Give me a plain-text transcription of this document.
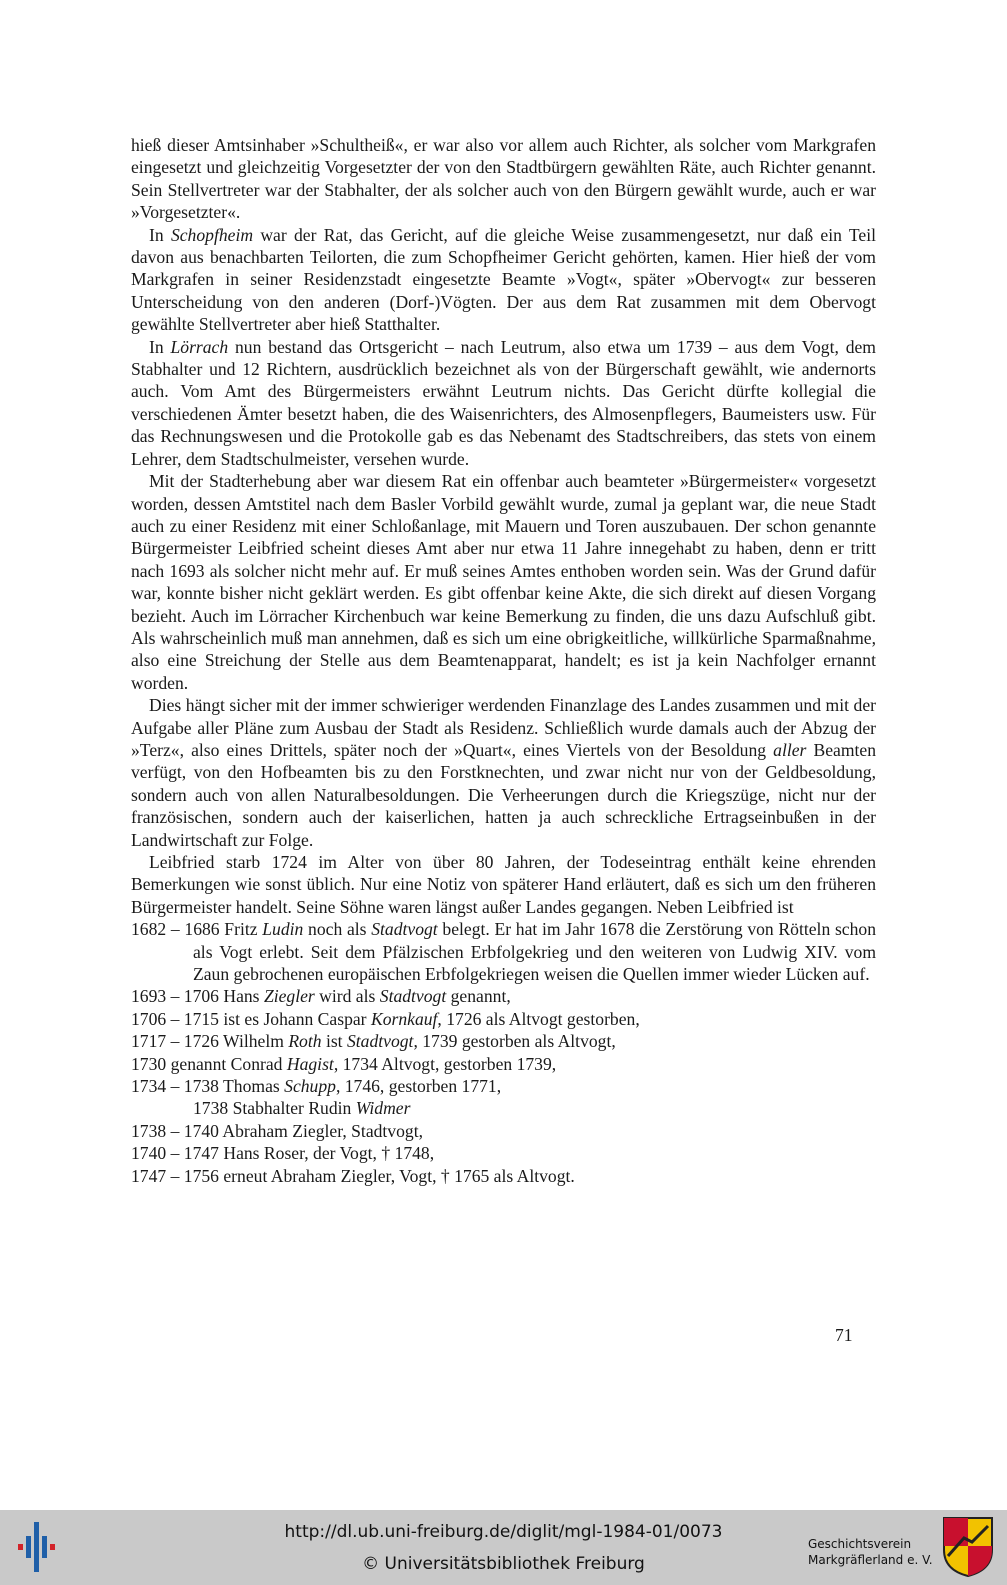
hieß dieser Amtsinhaber »Schultheiß«, er war also vor allem auch Richter, als solcher vom Markgrafen eingesetzt und gleichzeitig Vorgesetzter der von den Stadtbürgern gewählten Räte, auch Richter genannt. Sein Stellvertreter war der Stabhalter, der als solcher auch von den Bürgern gewählt wurde, auch er war »Vorgesetzter«.

In Schopfheim war der Rat, das Gericht, auf die gleiche Weise zusammengesetzt, nur daß ein Teil davon aus benachbarten Teilorten, die zum Schopfheimer Gericht gehörten, kamen. Hier hieß der vom Markgrafen in seiner Residenzstadt eingesetzte Beamte »Vogt«, später »Obervogt« zur besseren Unterscheidung von den anderen (Dorf-)Vögten. Der aus dem Rat zusammen mit dem Obervogt gewählte Stellvertreter aber hieß Statthalter.

In Lörrach nun bestand das Ortsgericht – nach Leutrum, also etwa um 1739 – aus dem Vogt, dem Stabhalter und 12 Richtern, ausdrücklich bezeichnet als von der Bürgerschaft gewählt, wie andernorts auch. Vom Amt des Bürgermeisters erwähnt Leutrum nichts. Das Gericht dürfte kollegial die verschiedenen Ämter besetzt haben, die des Waisenrichters, des Almosenpflegers, Baumeisters usw. Für das Rechnungswesen und die Protokolle gab es das Nebenamt des Stadtschreibers, das stets von einem Lehrer, dem Stadtschulmeister, versehen wurde.

Mit der Stadterhebung aber war diesem Rat ein offenbar auch beamteter »Bürgermeister« vorgesetzt worden, dessen Amtstitel nach dem Basler Vorbild gewählt wurde, zumal ja geplant war, die neue Stadt auch zu einer Residenz mit einer Schloßanlage, mit Mauern und Toren auszubauen. Der schon genannte Bürgermeister Leibfried scheint dieses Amt aber nur etwa 11 Jahre innegehabt zu haben, denn er tritt nach 1693 als solcher nicht mehr auf. Er muß seines Amtes enthoben worden sein. Was der Grund dafür war, konnte bisher nicht geklärt werden. Es gibt offenbar keine Akte, die sich direkt auf diesen Vorgang bezieht. Auch im Lörracher Kirchenbuch war keine Bemerkung zu finden, die uns dazu Aufschluß gibt. Als wahrscheinlich muß man annehmen, daß es sich um eine obrigkeitliche, willkürliche Sparmaßnahme, also eine Streichung der Stelle aus dem Beamtenapparat, handelt; es ist ja kein Nachfolger ernannt worden.

Dies hängt sicher mit der immer schwieriger werdenden Finanzlage des Landes zusammen und mit der Aufgabe aller Pläne zum Ausbau der Stadt als Residenz. Schließlich wurde damals auch der Abzug der »Terz«, also eines Drittels, später noch der »Quart«, eines Viertels von der Besoldung aller Beamten verfügt, von den Hofbeamten bis zu den Forstknechten, und zwar nicht nur von der Geldbesoldung, sondern auch von allen Naturalbesoldungen. Die Verheerungen durch die Kriegszüge, nicht nur der französischen, sondern auch der kaiserlichen, hatten ja auch schreckliche Ertragseinbußen in der Landwirtschaft zur Folge.

Leibfried starb 1724 im Alter von über 80 Jahren, der Todeseintrag enthält keine ehrenden Bemerkungen wie sonst üblich. Nur eine Notiz von späterer Hand erläutert, daß es sich um den früheren Bürgermeister handelt. Seine Söhne waren längst außer Landes gegangen. Neben Leibfried ist

1682 – 1686 Fritz Ludin noch als Stadtvogt belegt. Er hat im Jahr 1678 die Zerstörung von Rötteln schon als Vogt erlebt. Seit dem Pfälzischen Erbfolgekrieg und den weiteren von Ludwig XIV. vom Zaun gebrochenen europäischen Erbfolgekriegen weisen die Quellen immer wieder Lücken auf.
1693 – 1706 Hans Ziegler wird als Stadtvogt genannt,
1706 – 1715 ist es Johann Caspar Kornkauf, 1726 als Altvogt gestorben,
1717 – 1726 Wilhelm Roth ist Stadtvogt, 1739 gestorben als Altvogt,
1730 genannt Conrad Hagist, 1734 Altvogt, gestorben 1739,
1734 – 1738 Thomas Schupp, 1746, gestorben 1771,
1738 Stabhalter Rudin Widmer
1738 – 1740 Abraham Ziegler, Stadtvogt,
1740 – 1747 Hans Roser, der Vogt, † 1748,
1747 – 1756 erneut Abraham Ziegler, Vogt, † 1765 als Altvogt.
71
http://dl.ub.uni-freiburg.de/diglit/mgl-1984-01/0073
© Universitätsbibliothek Freiburg
Geschichtsverein
Markgräflerland e. V.
